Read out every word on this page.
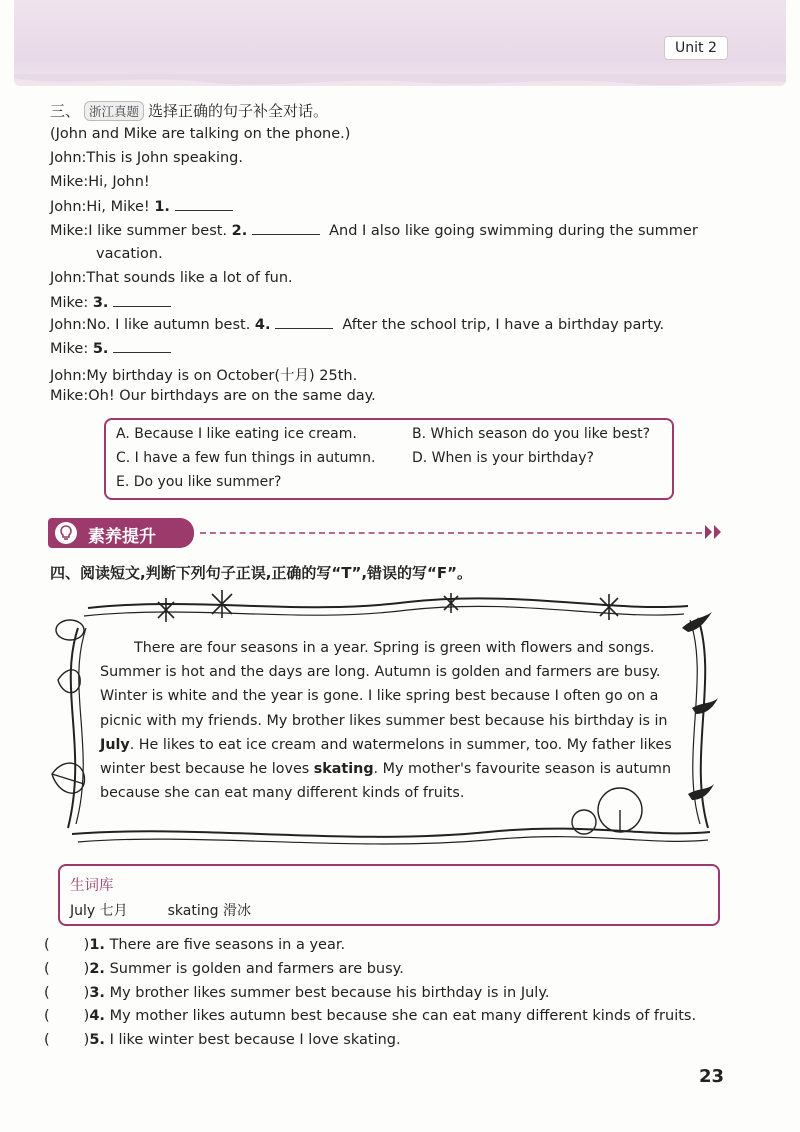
Unit 2
三、 浙江真题 选择正确的句子补全对话。
(John and Mike are talking on the phone.)
John:This is John speaking.
Mike:Hi, John!
John:Hi, Mike! 1.
Mike:I like summer best. 2.	And I also like going swimming during the summer
vacation.
John:That sounds like a lot of fun.
Mike: 3.
John:No. I like autumn best. 4.	After the school trip, I have a birthday party.
Mike: 5.
John:My birthday is on October(十月) 25th.
Mike:Oh! Our birthdays are on the same day.
A. Because I like eating ice cream.	B. Which season do you like best?
C. I have a few fun things in autumn.	D. When is your birthday?
E. Do you like summer?
素养提升
四、阅读短文,判断下列句子正误,正确的写“T”,错误的写“F”。
There are four seasons in a year. Spring is green with flowers and songs. Summer is hot and the days are long. Autumn is golden and farmers are busy. Winter is white and the year is gone. I like spring best because I often go on a picnic with my friends. My brother likes summer best because his birthday is in July. He likes to eat ice cream and watermelons in summer, too. My father likes winter best because he loves skating. My mother's favourite season is autumn because she can eat many different kinds of fruits.
生词库
July 七月	skating 滑冰
( )1. There are five seasons in a year.
( )2. Summer is golden and farmers are busy.
( )3. My brother likes summer best because his birthday is in July.
( )4. My mother likes autumn best because she can eat many different kinds of fruits.
( )5. I like winter best because I love skating.
23
